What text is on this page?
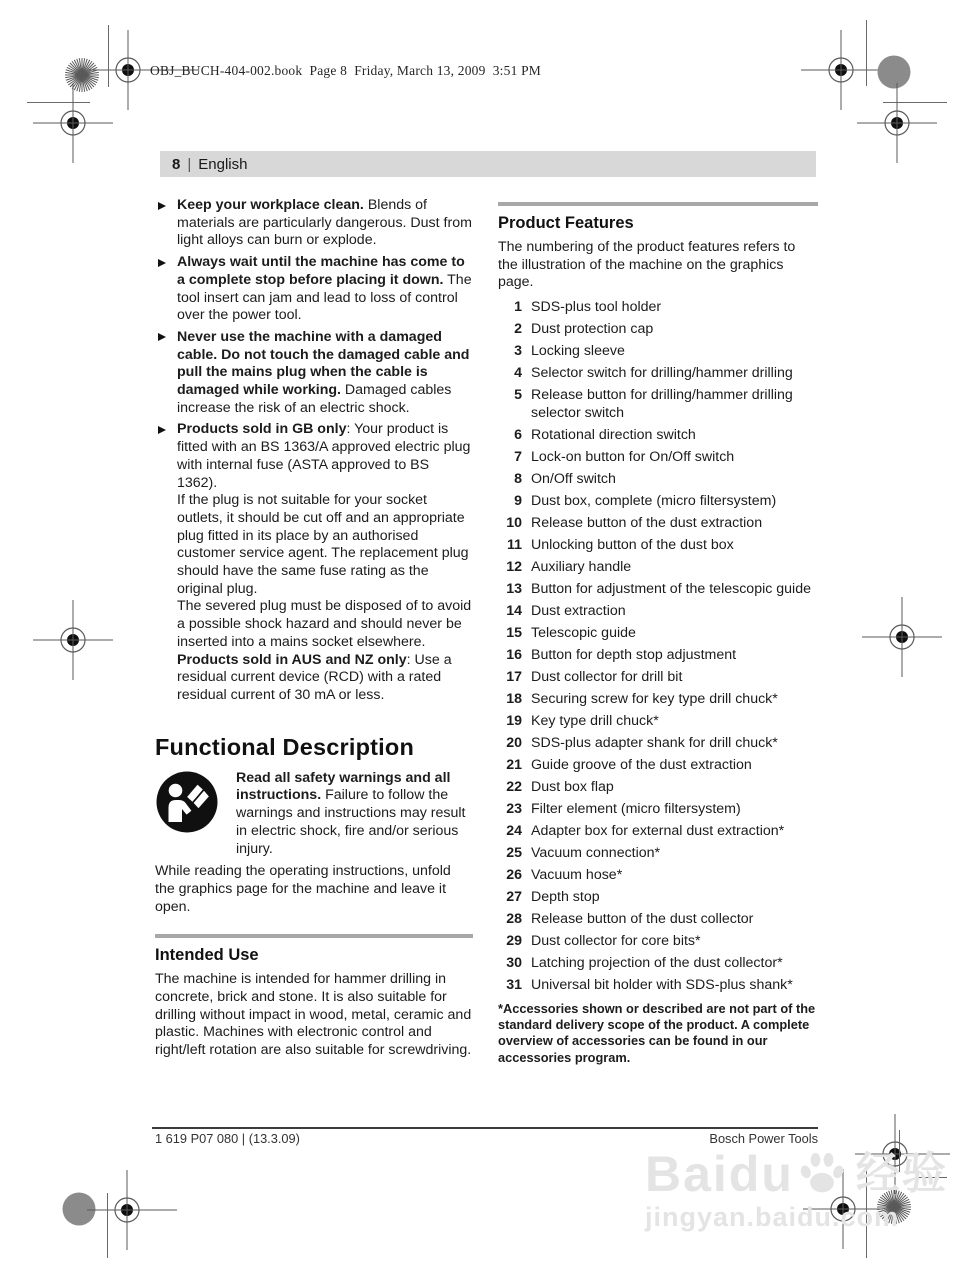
OBJ_BUCH-404-002.book  Page 8  Friday, March 13, 2009  3:51 PM
8 | English
Keep your workplace clean. Blends of materials are particularly dangerous. Dust from light alloys can burn or explode.
Always wait until the machine has come to a complete stop before placing it down. The tool insert can jam and lead to loss of control over the power tool.
Never use the machine with a damaged cable. Do not touch the damaged cable and pull the mains plug when the cable is damaged while working. Damaged cables increase the risk of an electric shock.
Products sold in GB only: Your product is fitted with an BS 1363/A approved electric plug with internal fuse (ASTA approved to BS 1362).
If the plug is not suitable for your socket outlets, it should be cut off and an appropriate plug fitted in its place by an authorised customer service agent. The replacement plug should have the same fuse rating as the original plug.
The severed plug must be disposed of to avoid a possible shock hazard and should never be inserted into a mains socket elsewhere.
Products sold in AUS and NZ only: Use a residual current device (RCD) with a rated residual current of 30 mA or less.
Functional Description

Read all safety warnings and all instructions. Failure to follow the warnings and instructions may result in electric shock, fire and/or serious injury.

While reading the operating instructions, unfold the graphics page for the machine and leave it open.

Intended Use

The machine is intended for hammer drilling in concrete, brick and stone. It is also suitable for drilling without impact in wood, metal, ceramic and plastic. Machines with electronic control and right/left rotation are also suitable for screwdriving.

Product Features

The numbering of the product features refers to the illustration of the machine on the graphics page.

1 SDS-plus tool holder
2 Dust protection cap
3 Locking sleeve
4 Selector switch for drilling/hammer drilling
5 Release button for drilling/hammer drilling selector switch
6 Rotational direction switch
7 Lock-on button for On/Off switch
8 On/Off switch
9 Dust box, complete (micro filtersystem)
10 Release button of the dust extraction
11 Unlocking button of the dust box
12 Auxiliary handle
13 Button for adjustment of the telescopic guide
14 Dust extraction
15 Telescopic guide
16 Button for depth stop adjustment
17 Dust collector for drill bit
18 Securing screw for key type drill chuck*
19 Key type drill chuck*
20 SDS-plus adapter shank for drill chuck*
21 Guide groove of the dust extraction
22 Dust box flap
23 Filter element (micro filtersystem)
24 Adapter box for external dust extraction*
25 Vacuum connection*
26 Vacuum hose*
27 Depth stop
28 Release button of the dust collector
29 Dust collector for core bits*
30 Latching projection of the dust collector*
31 Universal bit holder with SDS-plus shank*

*Accessories shown or described are not part of the standard delivery scope of the product. A complete overview of accessories can be found in our accessories program.

1 619 P07 080 | (13.3.09)	Bosch Power Tools
Baidu 经验
jingyan.baidu.com
